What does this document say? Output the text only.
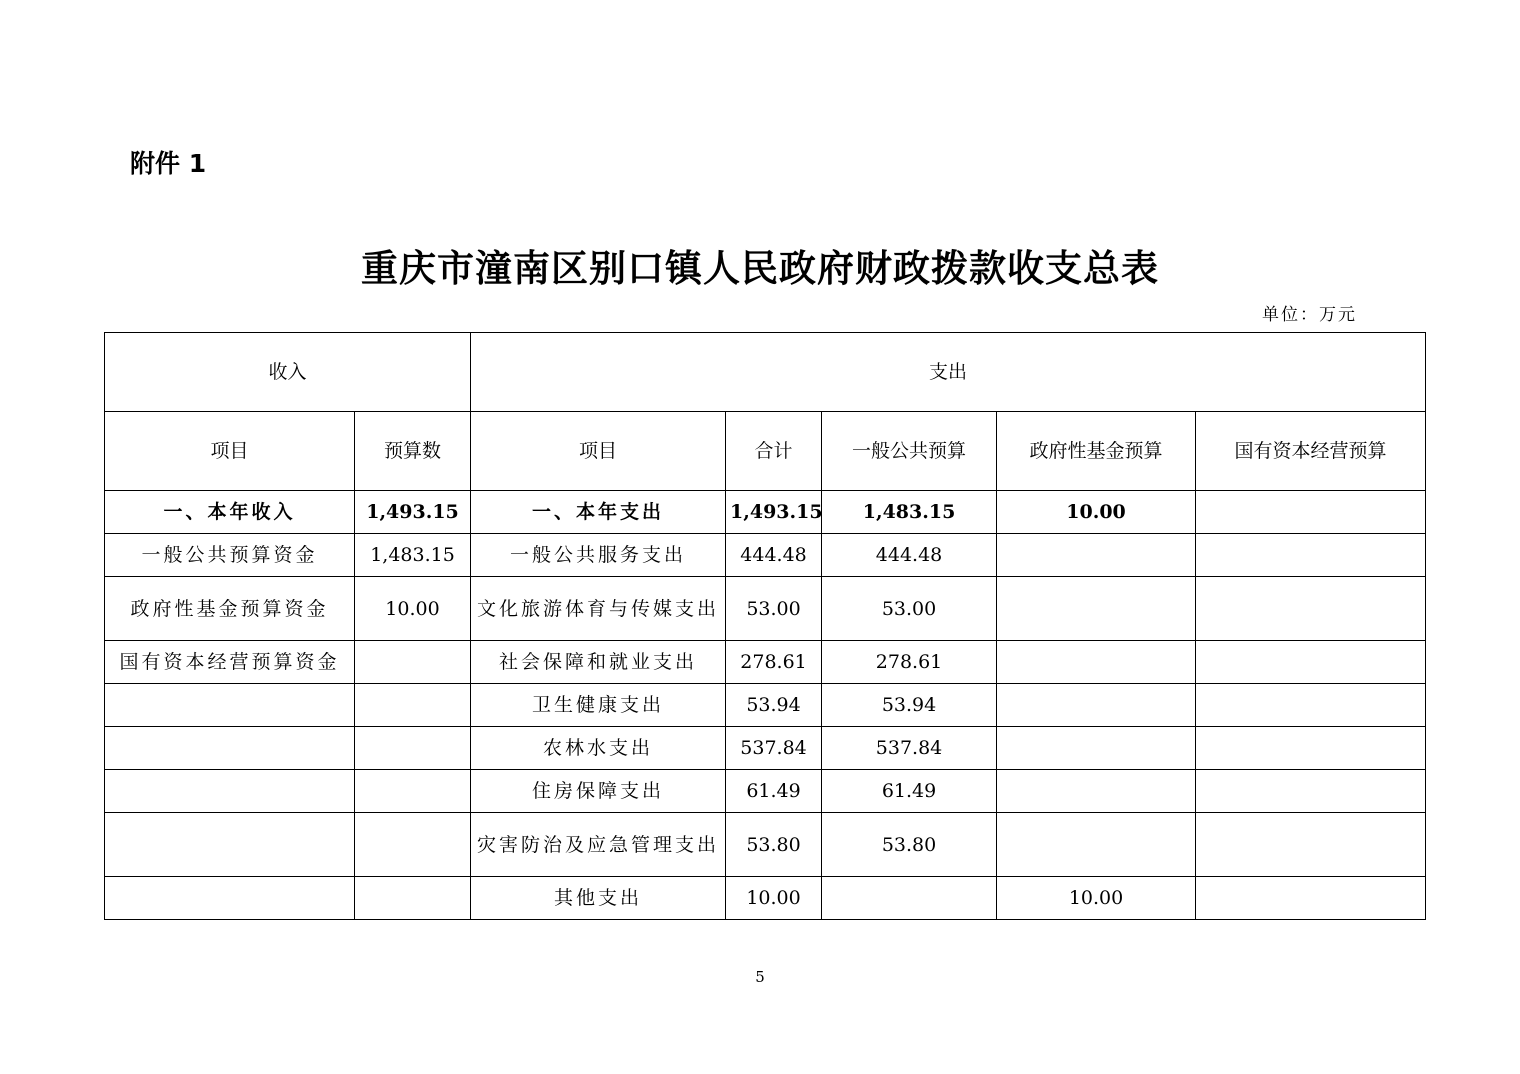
附件 1
重庆市潼南区别口镇人民政府财政拨款收支总表
单位：万元
收入		支出				
项目	预算数	项目	合计	一般公共预算	政府性基金预算	国有资本经营预算
一、本年收入	1,493.15	一、本年支出	1,493.15	1,483.15	10.00	
一般公共预算资金	1,483.15	一般公共服务支出	444.48	444.48		
政府性基金预算资金	10.00	文化旅游体育与传媒支出	53.00	53.00		
国有资本经营预算资金		社会保障和就业支出	278.61	278.61		
		卫生健康支出	53.94	53.94		
		农林水支出	537.84	537.84		
		住房保障支出	61.49	61.49		
		灾害防治及应急管理支出	53.80	53.80		
		其他支出	10.00		10.00	
5
